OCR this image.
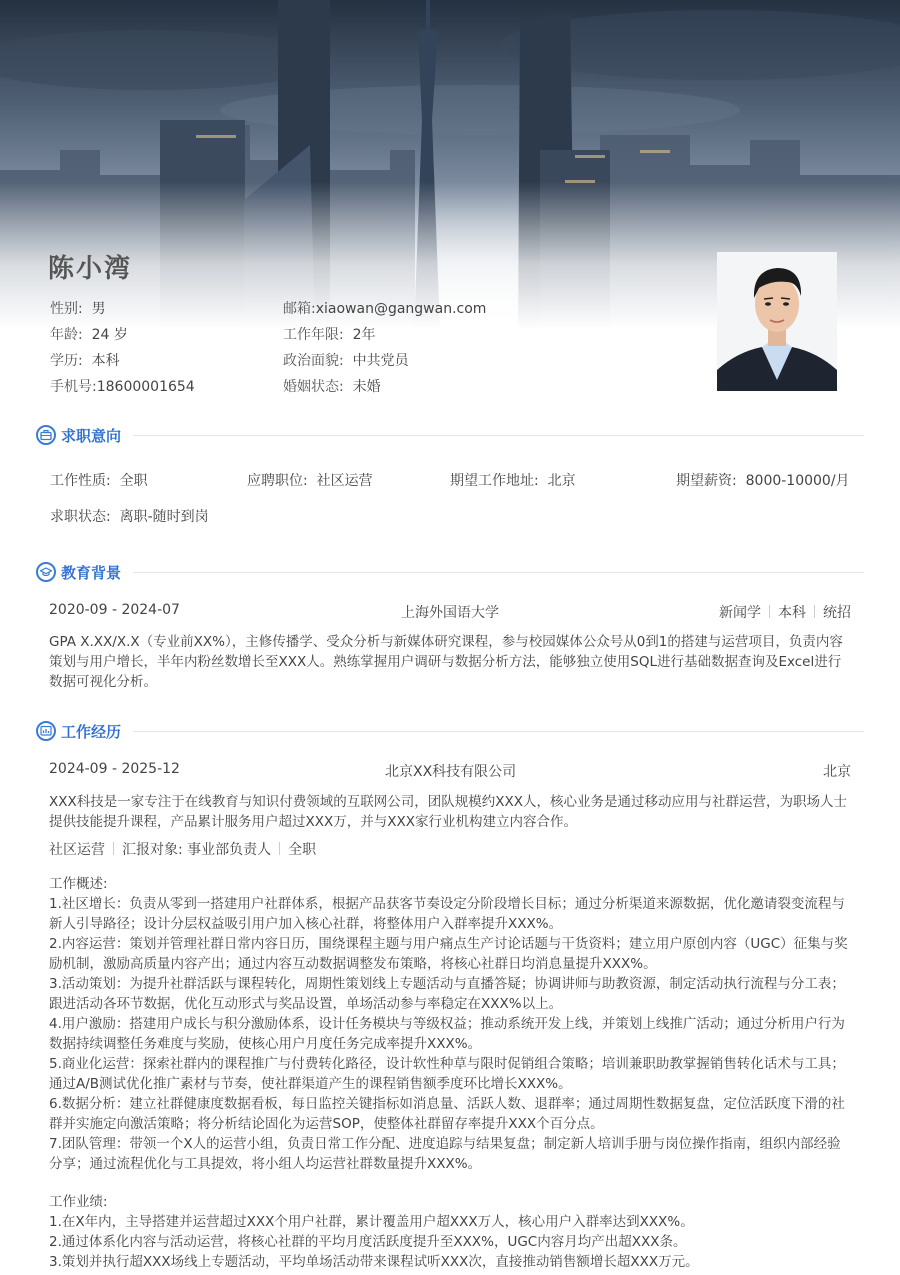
陈小湾
性别: 男
年龄: 24 岁
学历: 本科
手机号:18600001654
邮箱:xiaowan@gangwan.com
工作年限: 2年
政治面貌: 中共党员
婚姻状态: 未婚
求职意向
工作性质: 全职	应聘职位: 社区运营	期望工作地址: 北京	期望薪资: 8000-10000/月
求职状态: 离职-随时到岗
教育背景
2020-09 - 2024-07	上海外国语大学	新闻学 本科 统招
GPA X.XX/X.X（专业前XX%），主修传播学、受众分析与新媒体研究课程，参与校园媒体公众号从0到1的搭建与运营项目，负责内容策划与用户增长，半年内粉丝数增长至XXX人。熟练掌握用户调研与数据分析方法，能够独立使用SQL进行基础数据查询及Excel进行数据可视化分析。
工作经历
2024-09 - 2025-12	北京XX科技有限公司	北京
XXX科技是一家专注于在线教育与知识付费领域的互联网公司，团队规模约XXX人，核心业务是通过移动应用与社群运营，为职场人士提供技能提升课程，产品累计服务用户超过XXX万，并与XXX家行业机构建立内容合作。
社区运营 汇报对象: 事业部负责人 全职
工作概述:
1.社区增长：负责从零到一搭建用户社群体系，根据产品获客节奏设定分阶段增长目标；通过分析渠道来源数据，优化邀请裂变流程与新人引导路径；设计分层权益吸引用户加入核心社群，将整体用户入群率提升XXX%。
2.内容运营：策划并管理社群日常内容日历，围绕课程主题与用户痛点生产讨论话题与干货资料；建立用户原创内容（UGC）征集与奖励机制，激励高质量内容产出；通过内容互动数据调整发布策略，将核心社群日均消息量提升XXX%。
3.活动策划：为提升社群活跃与课程转化，周期性策划线上专题活动与直播答疑；协调讲师与助教资源，制定活动执行流程与分工表；跟进活动各环节数据，优化互动形式与奖品设置，单场活动参与率稳定在XXX%以上。
4.用户激励：搭建用户成长与积分激励体系，设计任务模块与等级权益；推动系统开发上线，并策划上线推广活动；通过分析用户行为数据持续调整任务难度与奖励，使核心用户月度任务完成率提升XXX%。
5.商业化运营：探索社群内的课程推广与付费转化路径，设计软性种草与限时促销组合策略；培训兼职助教掌握销售转化话术与工具；通过A/B测试优化推广素材与节奏，使社群渠道产生的课程销售额季度环比增长XXX%。
6.数据分析：建立社群健康度数据看板，每日监控关键指标如消息量、活跃人数、退群率；通过周期性数据复盘，定位活跃度下滑的社群并实施定向激活策略；将分析结论固化为运营SOP，使整体社群留存率提升XXX个百分点。
7.团队管理：带领一个X人的运营小组，负责日常工作分配、进度追踪与结果复盘；制定新人培训手册与岗位操作指南，组织内部经验分享；通过流程优化与工具提效，将小组人均运营社群数量提升XXX%。
工作业绩:
1.在X年内，主导搭建并运营超过XXX个用户社群，累计覆盖用户超XXX万人，核心用户入群率达到XXX%。
2.通过体系化内容与活动运营，将核心社群的平均月度活跃度提升至XXX%，UGC内容月均产出超XXX条。
3.策划并执行超XXX场线上专题活动，平均单场活动带来课程试听XXX次，直接推动销售额增长超XXX万元。
